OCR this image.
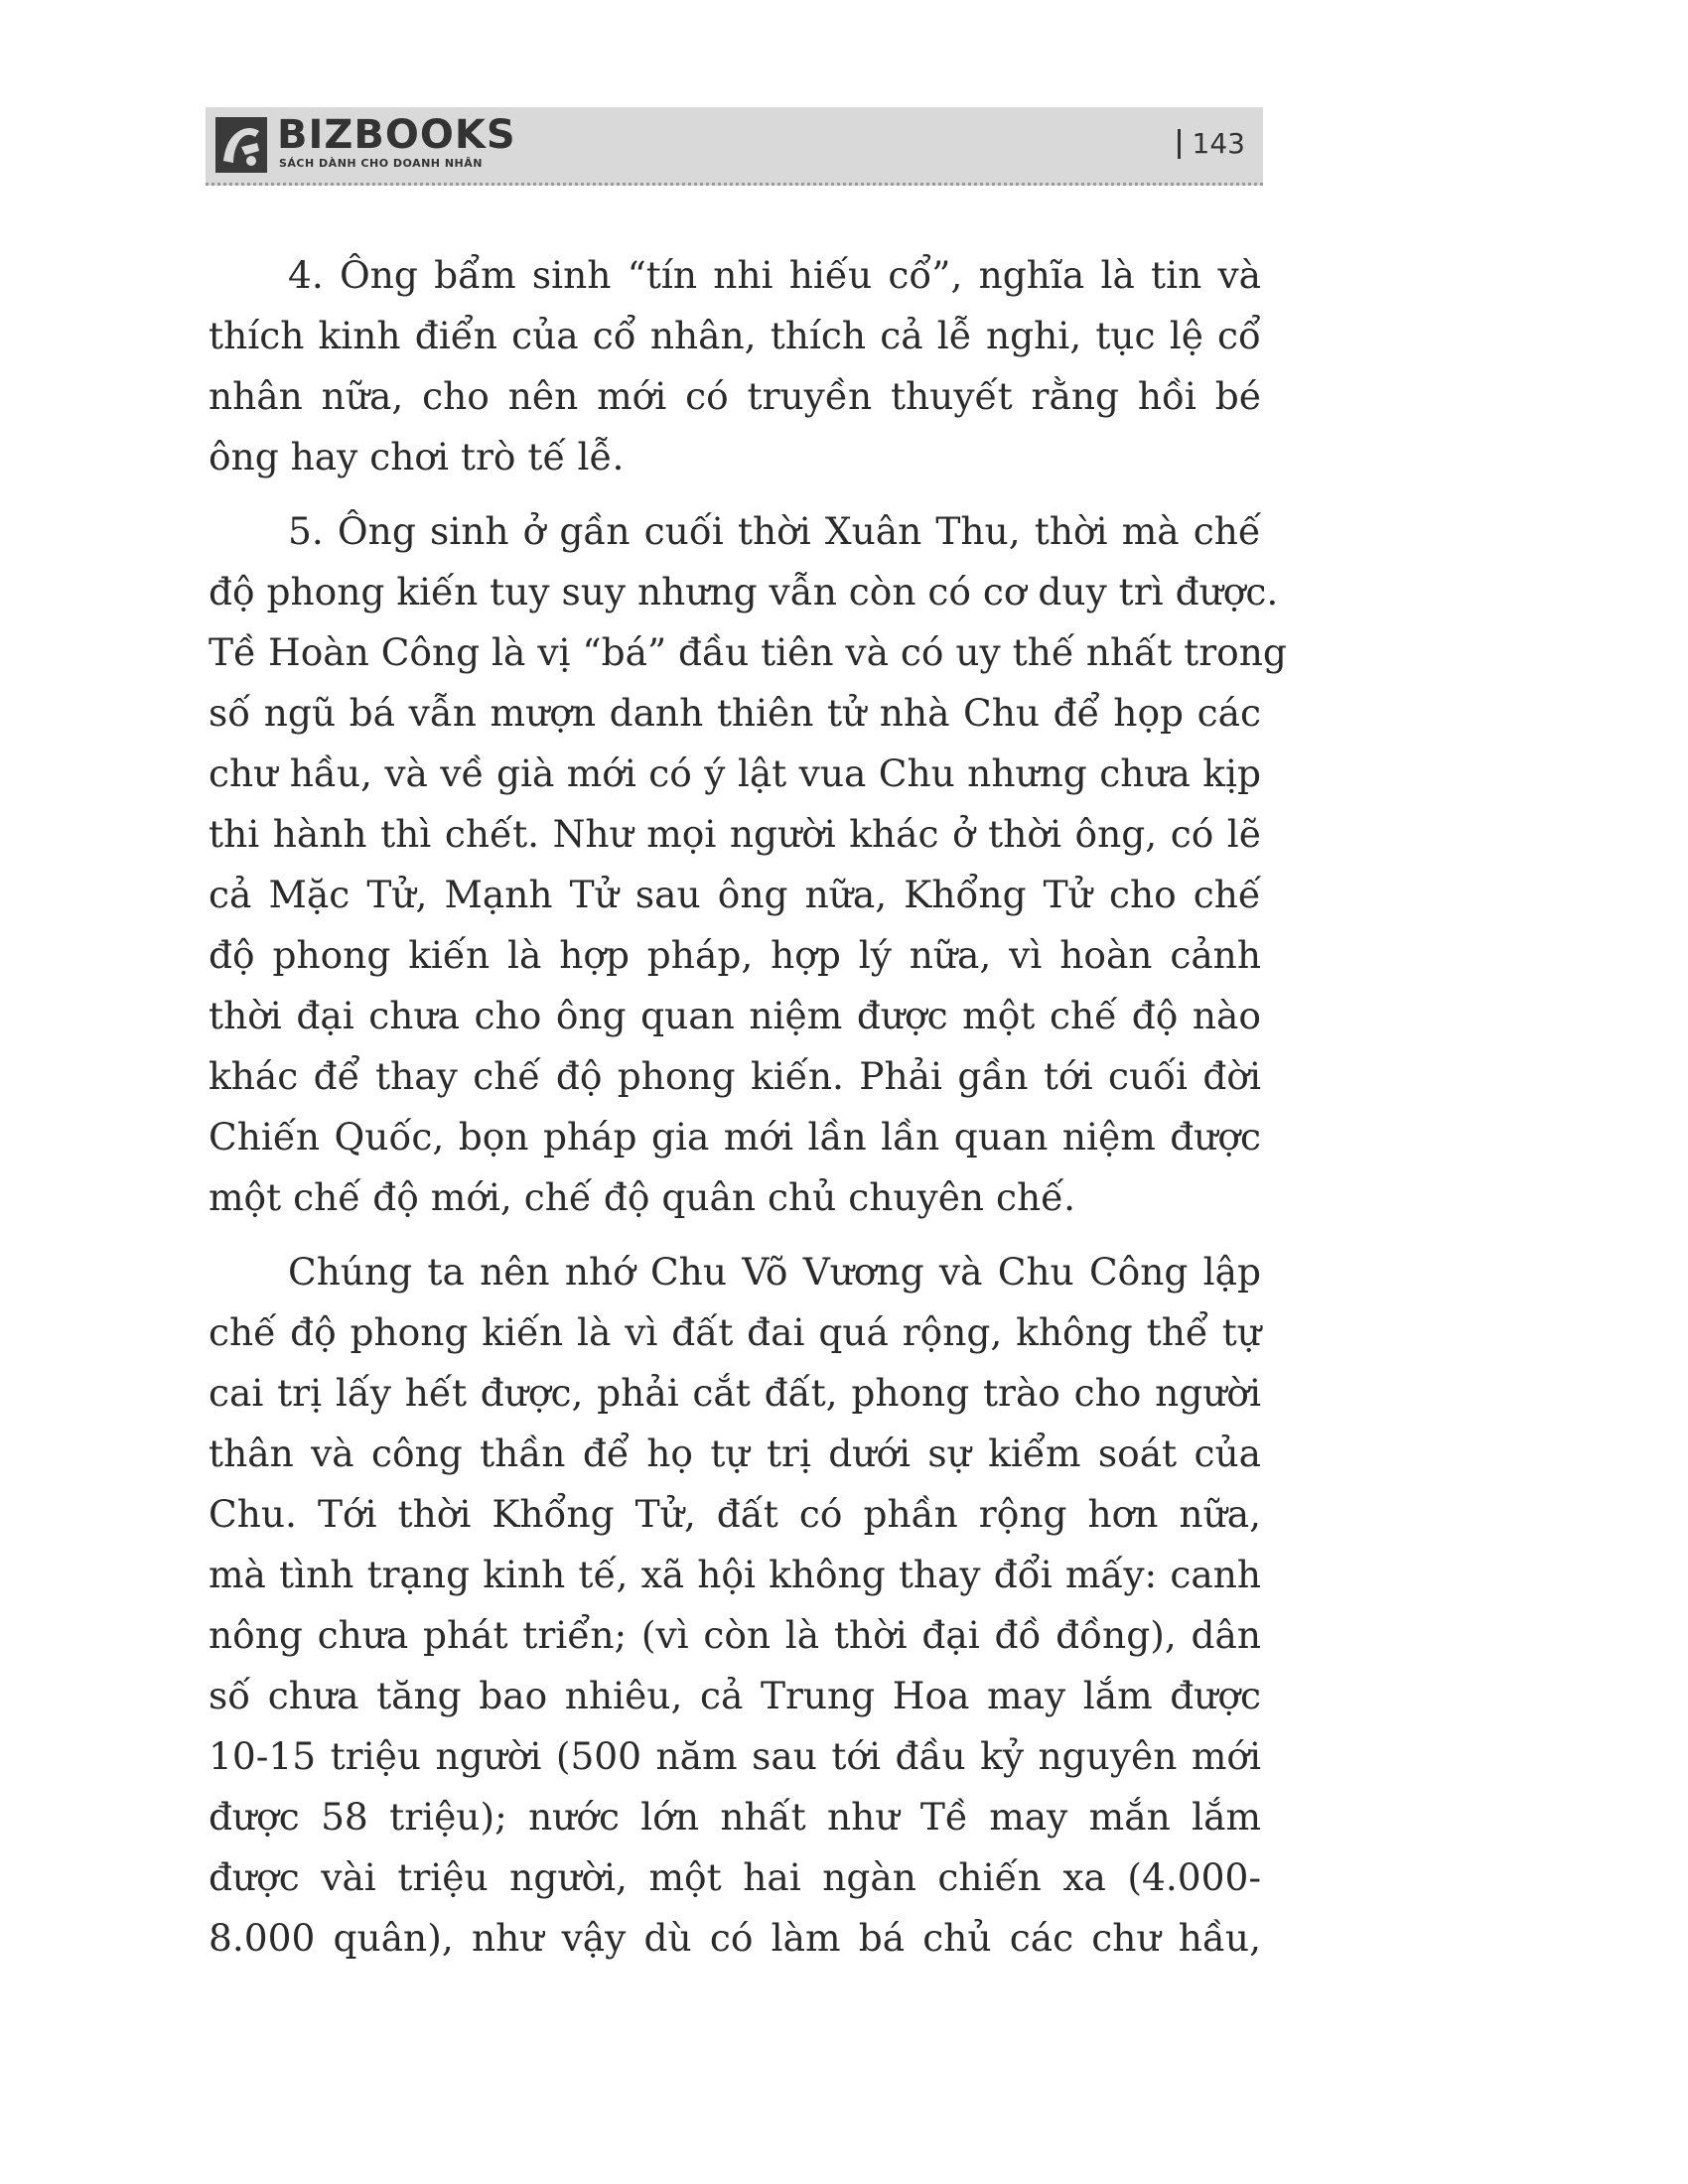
BIZBOOKS
SÁCH DÀNH CHO DOANH NHÂN
143
4. Ông bẩm sinh “tín nhi hiếu cổ”, nghĩa là tin và
thích kinh điển của cổ nhân, thích cả lễ nghi, tục lệ cổ
nhân nữa, cho nên mới có truyền thuyết rằng hồi bé
ông hay chơi trò tế lễ.
5. Ông sinh ở gần cuối thời Xuân Thu, thời mà chế
độ phong kiến tuy suy nhưng vẫn còn có cơ duy trì được.
Tề Hoàn Công là vị “bá” đầu tiên và có uy thế nhất trong
số ngũ bá vẫn mượn danh thiên tử nhà Chu để họp các
chư hầu, và về già mới có ý lật vua Chu nhưng chưa kịp
thi hành thì chết. Như mọi người khác ở thời ông, có lẽ
cả Mặc Tử, Mạnh Tử sau ông nữa, Khổng Tử cho chế
độ phong kiến là hợp pháp, hợp lý nữa, vì hoàn cảnh
thời đại chưa cho ông quan niệm được một chế độ nào
khác để thay chế độ phong kiến. Phải gần tới cuối đời
Chiến Quốc, bọn pháp gia mới lần lần quan niệm được
một chế độ mới, chế độ quân chủ chuyên chế.
Chúng ta nên nhớ Chu Võ Vương và Chu Công lập
chế độ phong kiến là vì đất đai quá rộng, không thể tự
cai trị lấy hết được, phải cắt đất, phong trào cho người
thân và công thần để họ tự trị dưới sự kiểm soát của
Chu. Tới thời Khổng Tử, đất có phần rộng hơn nữa,
mà tình trạng kinh tế, xã hội không thay đổi mấy: canh
nông chưa phát triển; (vì còn là thời đại đồ đồng), dân
số chưa tăng bao nhiêu, cả Trung Hoa may lắm được
10-15 triệu người (500 năm sau tới đầu kỷ nguyên mới
được 58 triệu); nước lớn nhất như Tề may mắn lắm
được vài triệu người, một hai ngàn chiến xa (4.000-
8.000 quân), như vậy dù có làm bá chủ các chư hầu,
